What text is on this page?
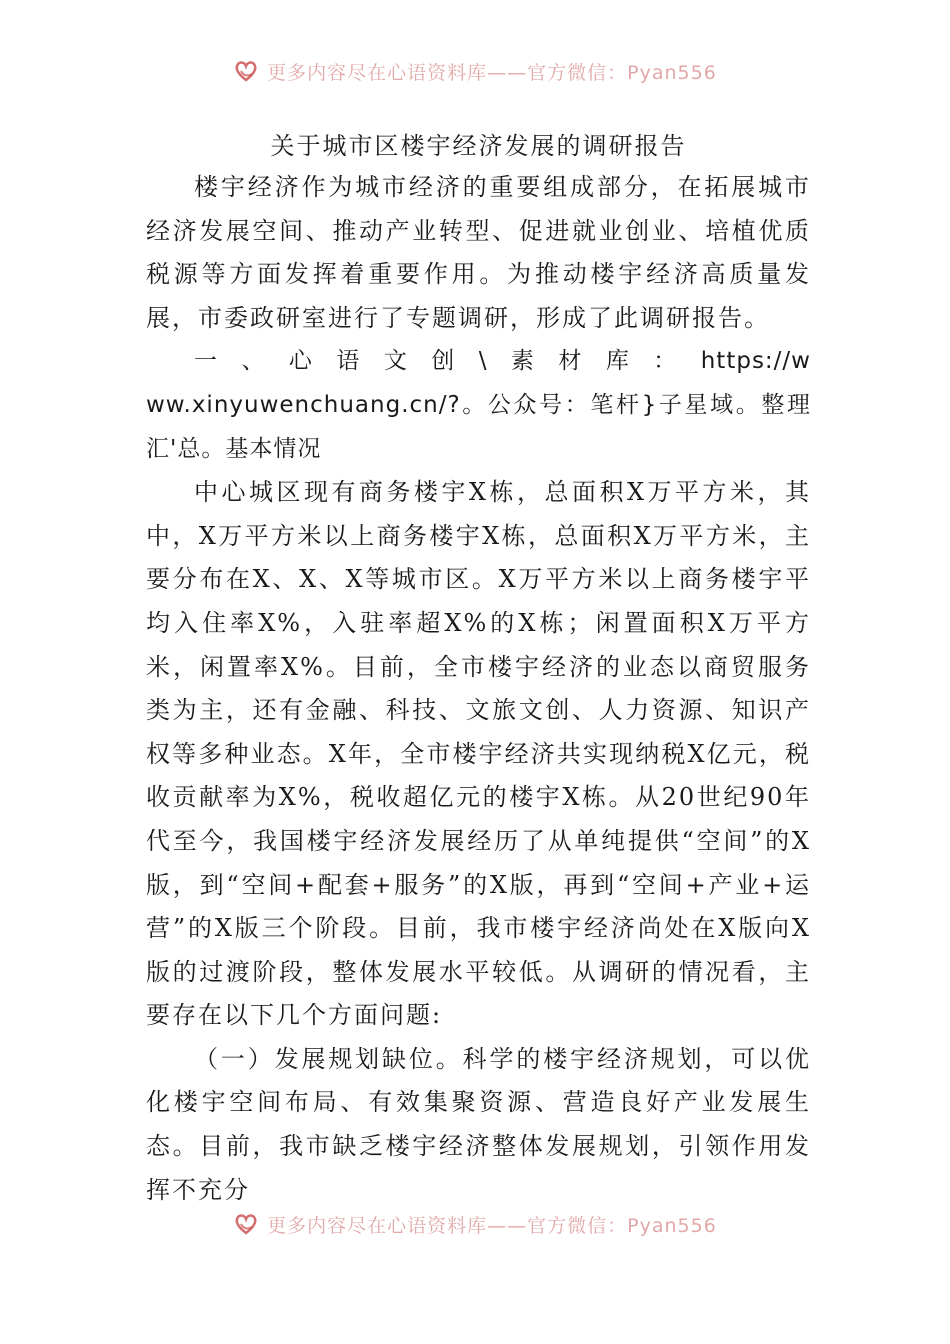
更多内容尽在心语资料库——官方微信：Pyan556
关于城市区楼宇经济发展的调研报告

楼宇经济作为城市经济的重要组成部分，在拓展城市经济发展空间、推动产业转型、促进就业创业、培植优质税源等方面发挥着重要作用。为推动楼宇经济高质量发展，市委政研室进行了专题调研，形成了此调研报告。

一、心语文创\素材库：https://www.xinyuwenchuang.cn/?。公众号：笔杆}子星域。整理汇'总。基本情况

中心城区现有商务楼宇X栋，总面积X万平方米，其中，X万平方米以上商务楼宇X栋，总面积X万平方米，主要分布在X、X、X等城市区。X万平方米以上商务楼宇平均入住率X%，入驻率超X%的X栋；闲置面积X万平方米，闲置率X%。目前，全市楼宇经济的业态以商贸服务类为主，还有金融、科技、文旅文创、人力资源、知识产权等多种业态。X年，全市楼宇经济共实现纳税X亿元，税收贡献率为X%，税收超亿元的楼宇X栋。从20世纪90年代至今，我国楼宇经济发展经历了从单纯提供“空间”的X版，到“空间+配套+服务”的X版，再到“空间+产业+运营”的X版三个阶段。目前，我市楼宇经济尚处在X版向X版的过渡阶段，整体发展水平较低。从调研的情况看，主要存在以下几个方面问题:

（一）发展规划缺位。科学的楼宇经济规划，可以优化楼宇空间布局、有效集聚资源、营造良好产业发展生态。目前，我市缺乏楼宇经济整体发展规划，引领作用发挥不充分

更多内容尽在心语资料库——官方微信：Pyan556
